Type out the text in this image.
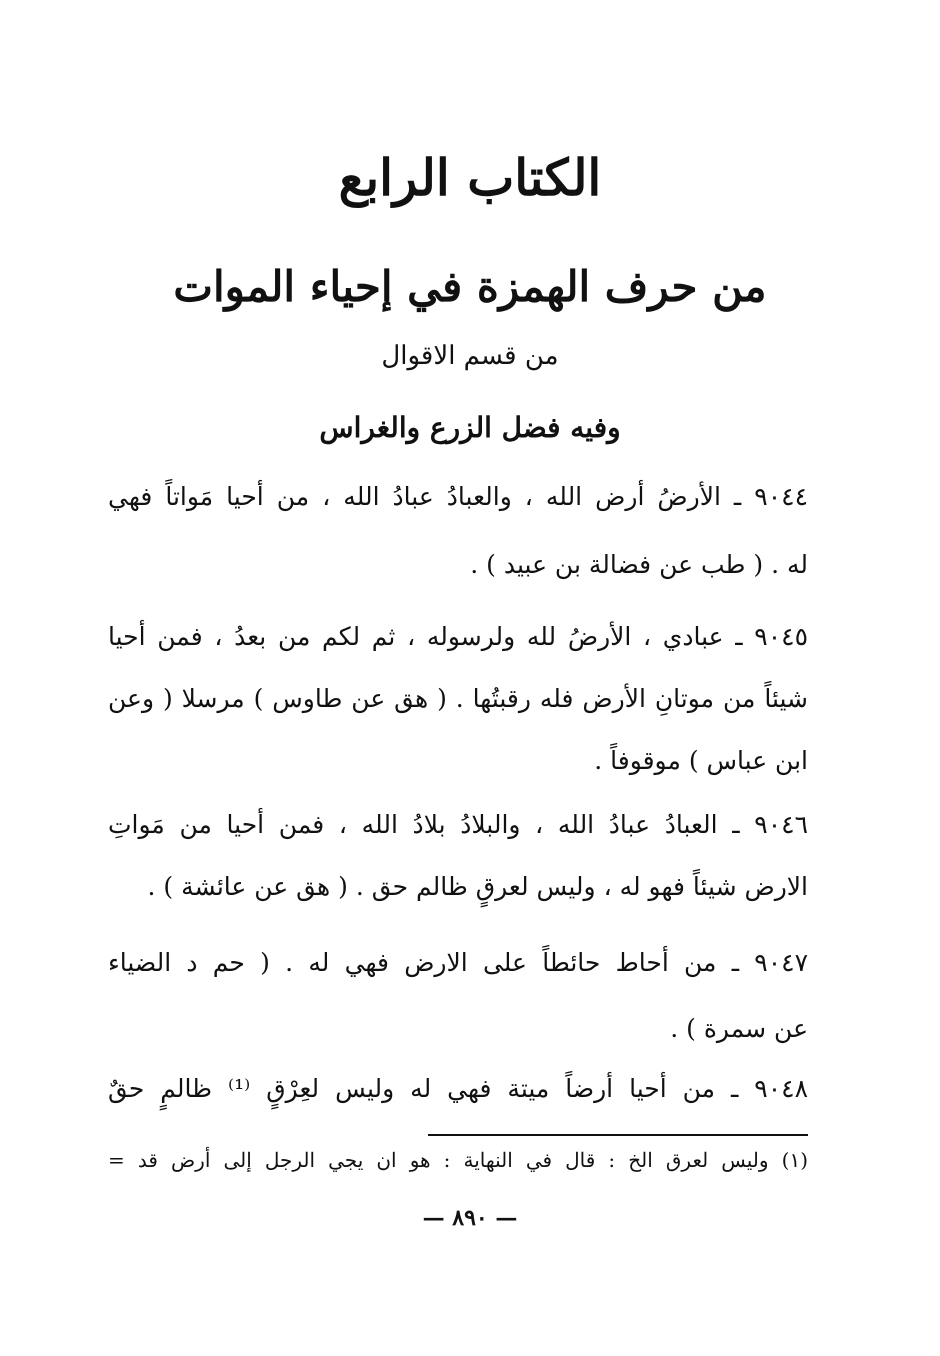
الكتاب الرابع
من حرف الهمزة في إحياء الموات
من قسم الاقوال
وفيه فضل الزرع والغراس
٩٠٤٤ ـ الأرضُ أرض الله ، والعبادُ عبادُ الله ، من أحيا مَواتاً فهي
له . ( طب عن فضالة بن عبيد ) .
٩٠٤٥ ـ عبادي ، الأرضُ لله ولرسوله ، ثم لكم من بعدُ ، فمن أحيا
شيئاً من موتانِ الأرض فله رقبتُها . ( هق عن طاوس ) مرسلا ( وعن
ابن عباس ) موقوفاً .
٩٠٤٦ ـ العبادُ عبادُ الله ، والبلادُ بلادُ الله ، فمن أحيا من مَواتِ
الارض شيئاً فهو له ، وليس لعرقٍ ظالم حق . ( هق عن عائشة ) .
٩٠٤٧ ـ من أحاط حائطاً على الارض فهي له . ( حم د الضياء
عن سمرة ) .
٩٠٤٨ ـ من أحيا أرضاً ميتة فهي له وليس لعِرْقٍ ⁽¹⁾ ظالمٍ حقٌ
(١) وليس لعرق الخ : قال في النهاية : هو ان يجي الرجل إلى أرض قد =
— ٨٩٠ —
